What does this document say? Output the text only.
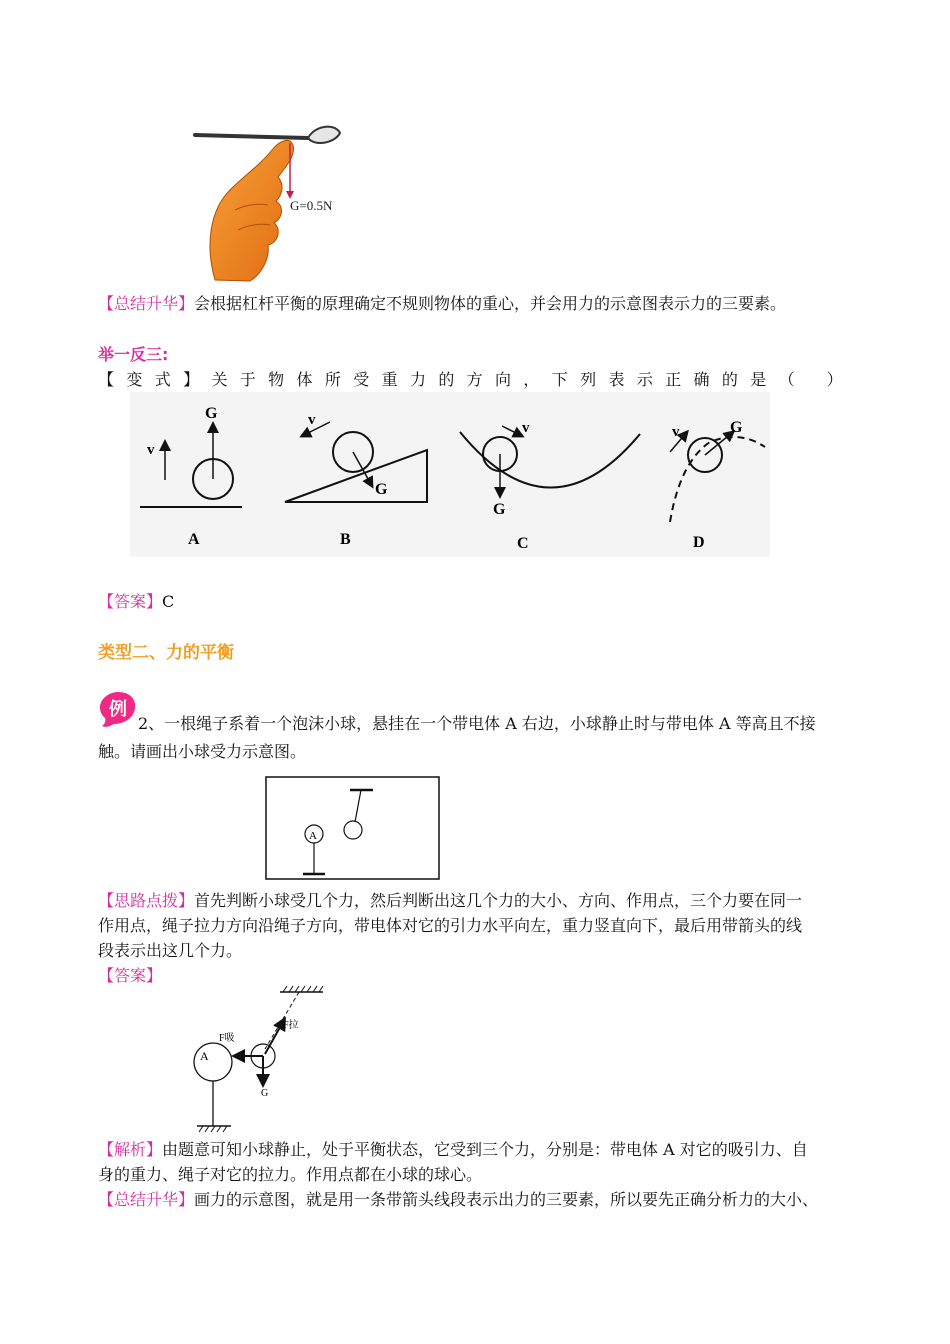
G=0.5N
【总结升华】会根据杠杆平衡的原理确定不规则物体的重心，并会用力的示意图表示力的三要素。
举一反三:
【 变 式 】 关 于 物 体 所 受 重 力 的 方 向 ， 下 列 表 示 正 确 的 是 （　　）
v
G
A
G
v
B
G
v
C
G
v
D
【答案】C
类型二、力的平衡
例
2、一根绳子系着一个泡沫小球，悬挂在一个带电体 A 右边，小球静止时与带电体 A 等高且不接
触。请画出小球受力示意图。
A
【思路点拨】首先判断小球受几个力，然后判断出这几个力的大小、方向、作用点，三个力要在同一
作用点，绳子拉力方向沿绳子方向，带电体对它的引力水平向左，重力竖直向下，最后用带箭头的线
段表示出这几个力。
【答案】
F拉
F吸
G
A
【解析】由题意可知小球静止，处于平衡状态，它受到三个力，分别是：带电体 A 对它的吸引力、自
身的重力、绳子对它的拉力。作用点都在小球的球心。
【总结升华】画力的示意图，就是用一条带箭头线段表示出力的三要素，所以要先正确分析力的大小、
